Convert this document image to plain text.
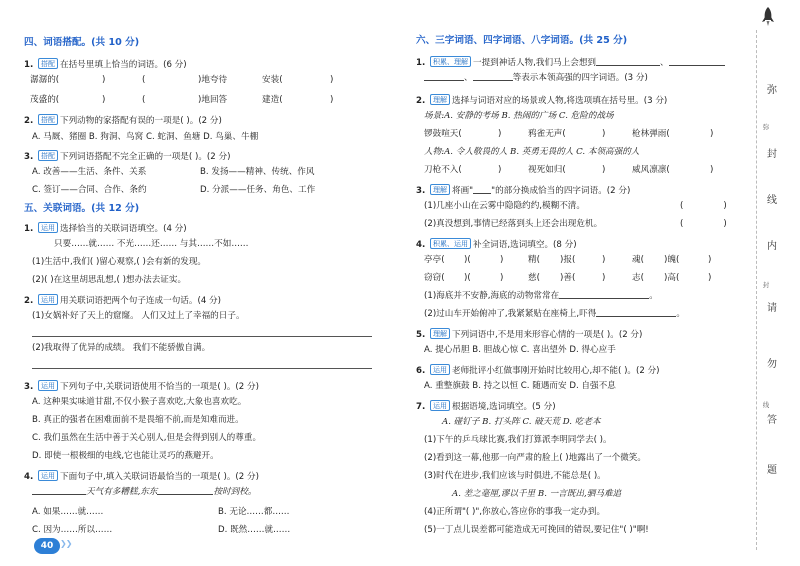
四、词语搭配。(共 10 分)
1. 搭配 在括号里填上恰当的词语。(6 分)
潺潺的(	)	(	)地夸待	安装(	)
茂盛的(	)	(	)地回答	建造(	)
2. 搭配 下列动物的家搭配有误的一项是( )。(2 分)
A. 马厩、猪圈 B. 狗洞、鸟窝 C. 蛇洞、鱼塘 D. 鸟巢、牛棚
3. 搭配 下列词语搭配不完全正确的一项是( )。(2 分)
A. 改善——生活、条件、关系	B. 发扬——精神、传统、作风
C. 签订——合同、合作、条约	D. 分派——任务、角色、工作
五、关联词语。(共 12 分)
1. 运用 选择恰当的关联词语填空。(4 分)
只要……就…… 不光……还…… 与其……不如……
(1)生活中,我们( )留心观察,( )会有新的发现。
(2)( )在这里胡思乱想,( )想办法去证实。
2. 运用 用关联词语把两个句子连成一句话。(4 分)
(1)女娲补好了天上的窟窿。 人们又过上了幸福的日子。
(2)我取得了优异的成绩。 我们不能骄傲自满。
3. 运用 下列句子中,关联词语使用不恰当的一项是( )。(2 分)
A. 这种果实味道甘甜,不仅小猴子喜欢吃,大象也喜欢吃。
B. 真正的强者在困难面前不是畏缩不前,而是知难而进。
C. 我们虽然在生活中善于关心别人,但是会得到别人的尊重。
D. 即使一根极细的电线,它也能让灵巧的燕避开。
4. 运用 下面句子中,填入关联词语最恰当的一项是( )。(2 分)
天气有多糟糕,东东	按时到校。
A. 如果……就……	B. 无论……都……
C. 因为……所以……	D. 既然……就……
六、三字词语、四字词语、八字词语。(共 25 分)
1. 积累、理解 一提到神话人物,我们马上会想到	、
、	等表示本领高强的四字词语。(3 分)
2. 理解 选择与词语对应的场景或人物,将选项填在括号里。(3 分)
场景:A. 安静的考场 B. 热闹的广场 C. 危险的战场
锣鼓喧天(	)	鸦雀无声(	)	枪林弹雨(	)
人物:A. 令人敬畏的人 B. 英勇无畏的人 C. 本领高强的人
刀枪不入(	)	视死如归(	)	威风凛凛(	)
3. 理解 将画" "的部分换成恰当的四字词语。(2 分)
(1)几座小山在云雾中隐隐约约,模糊不清。	(	)
(2)真没想到,事情已经落到头上还会出现危机。	(	)
4. 积累、运用 补全词语,选词填空。(8 分)
亭亭( )(	)	精( )报(	)	魂( )魄(	)
窃窃( )(	)	慈( )善(	)	志( )高(	)
(1)海底并不安静,海底的动物常常在	。
(2)过山车开始俯冲了,我紧紧贴在座椅上,吓得	。
5. 理解 下列词语中,不是用来形容心情的一项是( )。(2 分)
A. 提心吊胆 B. 胆战心惊 C. 喜出望外 D. 得心应手
6. 运用 老师批评小红做事刚开始时比较用心,却不能( )。(2 分)
A. 重整旗鼓 B. 持之以恒 C. 随遇而安 D. 自强不息
7. 运用 根据语境,选词填空。(5 分)
A. 碰钉子 B. 打头阵 C. 破天荒 D. 吃老本
(1)下午的乒乓球比赛,我们打算派李明同学去( )。
(2)看到这一幕,他那一向严肃的脸上( )地露出了一个微笑。
(3)时代在进步,我们应该与时俱进,不能总是( )。
A. 差之毫厘,谬以千里 B. 一言既出,驷马难追
(4)正所谓"( )",你放心,答应你的事我一定办到。
(5)一丁点儿误差都可能造成无可挽回的错误,要记住"( )"啊!
弥
弥
封
线
内
封
请
勿
线
答
题
40 ❯❯
